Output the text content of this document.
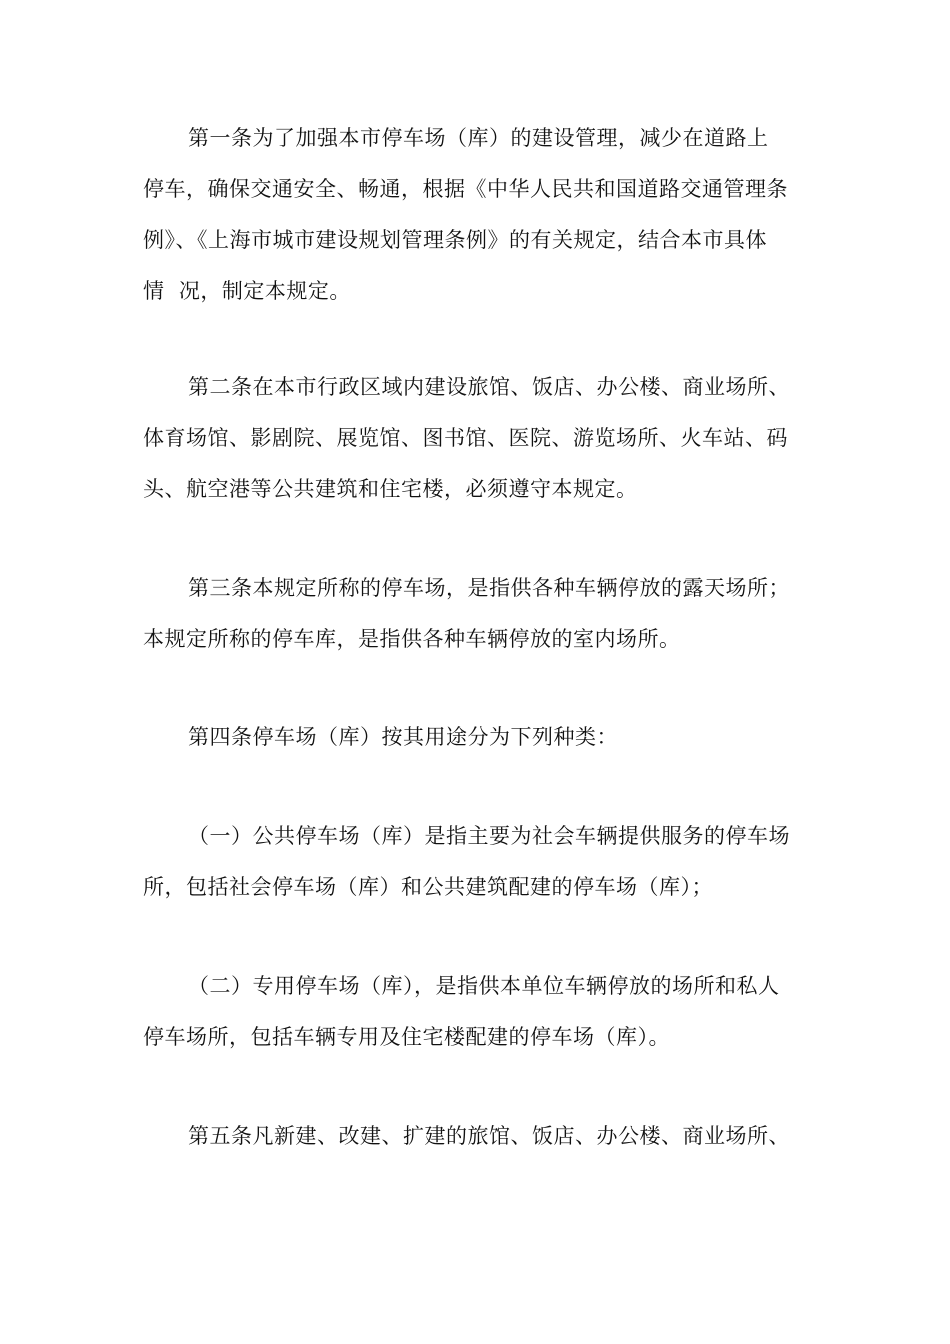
第一条为了加强本市停车场（库）的建设管理，减少在道路上
停车，确保交通安全、畅通，根据《中华人民共和国道路交通管理条
例》、《上海市城市建设规划管理条例》的有关规定，结合本市具体
情  况，制定本规定。
第二条在本市行政区域内建设旅馆、饭店、办公楼、商业场所、
体育场馆、影剧院、展览馆、图书馆、医院、游览场所、火车站、码
头、航空港等公共建筑和住宅楼，必须遵守本规定。
第三条本规定所称的停车场，是指供各种车辆停放的露天场所；
本规定所称的停车库，是指供各种车辆停放的室内场所。
第四条停车场（库）按其用途分为下列种类：
（一）公共停车场（库）是指主要为社会车辆提供服务的停车场
所，包括社会停车场（库）和公共建筑配建的停车场（库）；
（二）专用停车场（库），是指供本单位车辆停放的场所和私人
停车场所，包括车辆专用及住宅楼配建的停车场（库）。
第五条凡新建、改建、扩建的旅馆、饭店、办公楼、商业场所、
